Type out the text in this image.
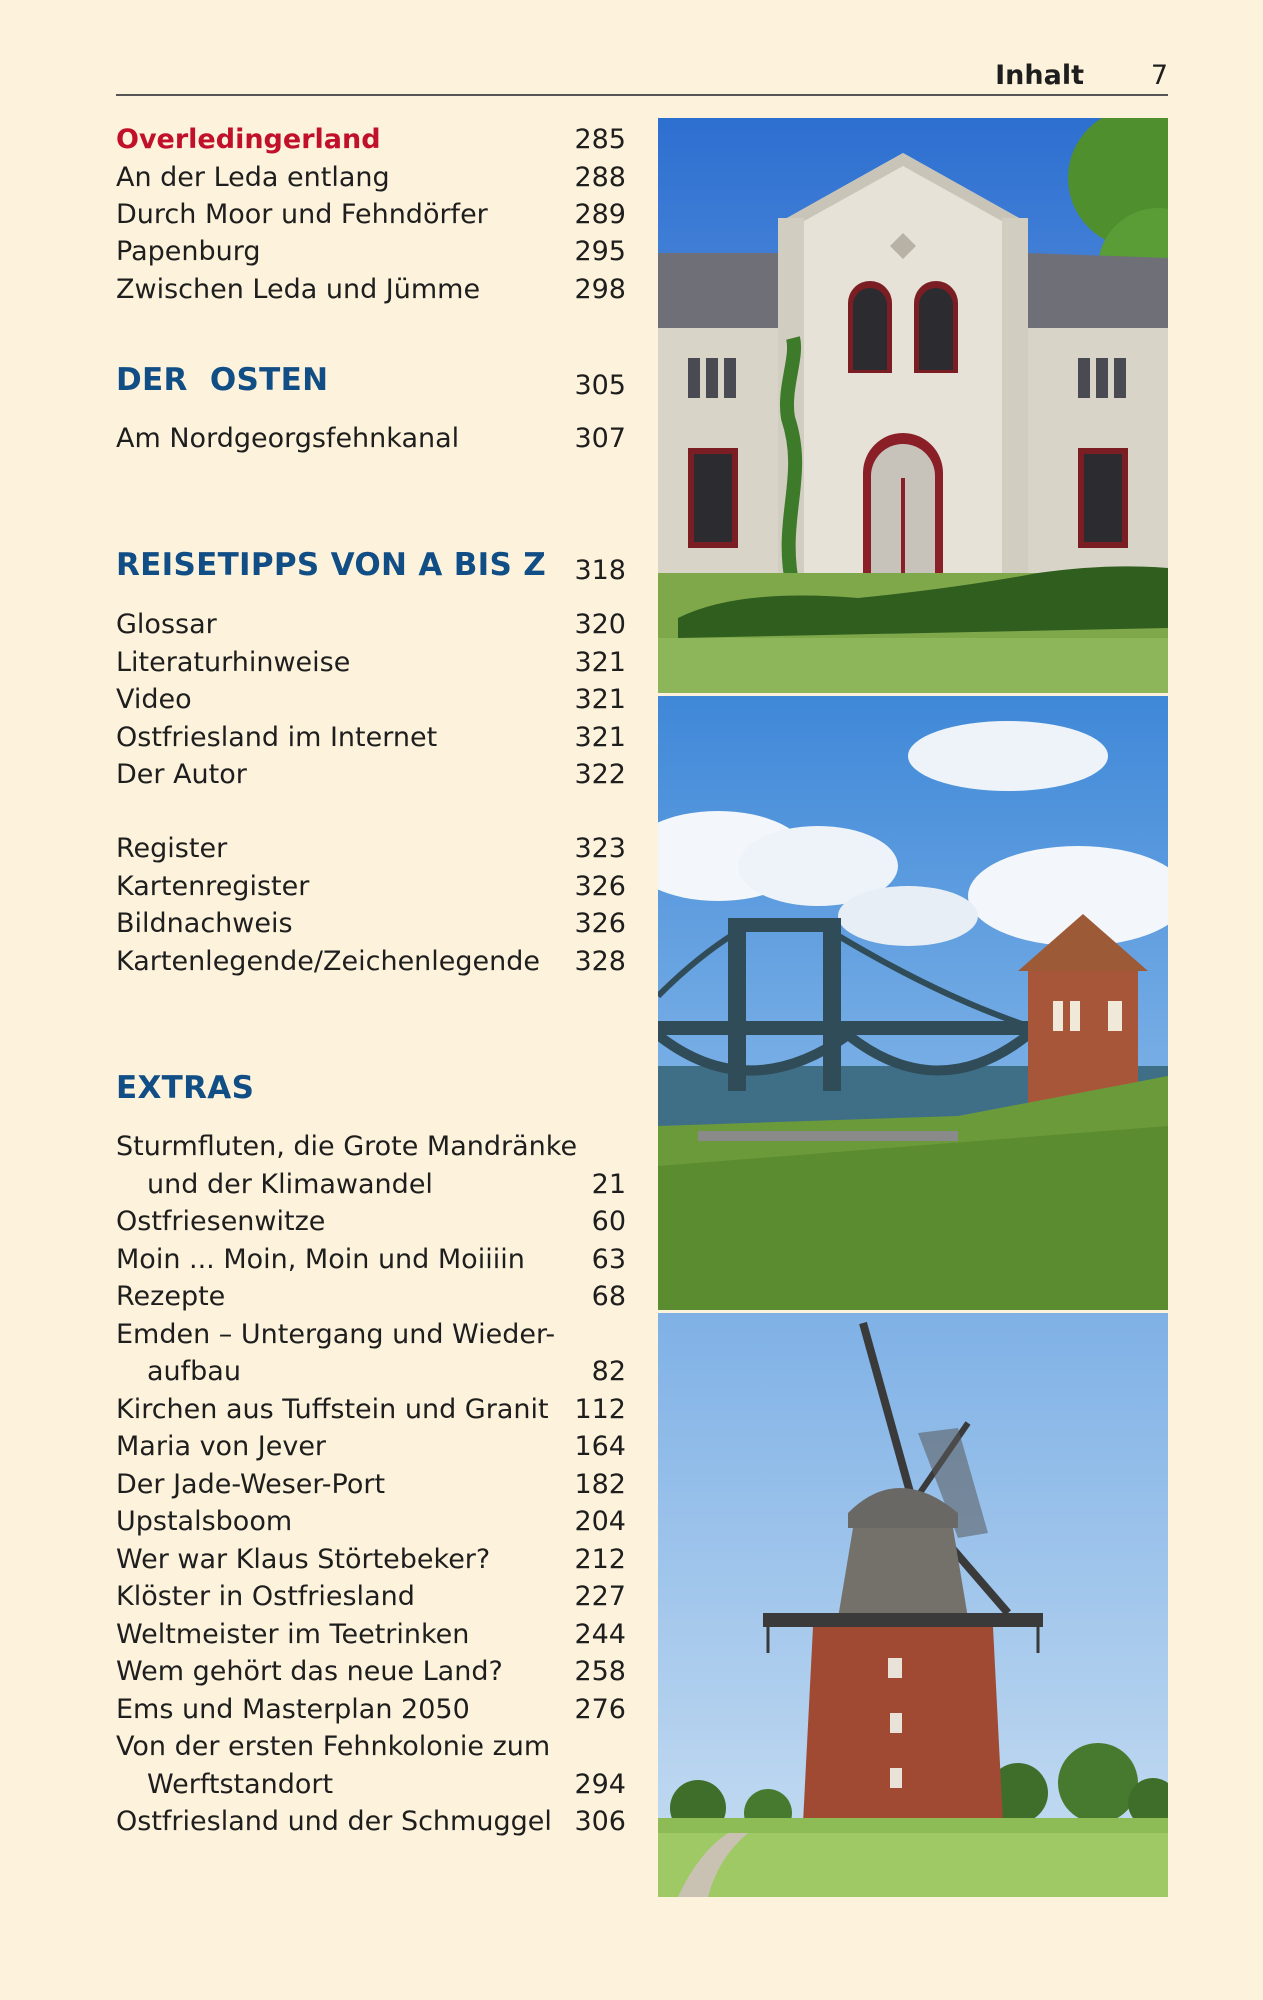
Inhalt 7
Overledingerland	285
An der Leda entlang	288
Durch Moor und Fehndörfer	289
Papenburg	295
Zwischen Leda und Jümme	298
DER  OSTEN	305
Am Nordgeorgsfehnkanal	307
REISETIPPS VON A BIS Z 318
Glossar	320
Literaturhinweise	321
Video	321
Ostfriesland im Internet	321
Der Autor	322
Register	323
Kartenregister	326
Bildnachweis	326
Kartenlegende/Zeichenlegende 328
EXTRAS
Sturmfluten, die Grote Mandränke
und der Klimawandel	21
Ostfriesenwitze	60
Moin ... Moin, Moin und Moiiiin 63
Rezepte	68
Emden – Untergang und Wieder-
aufbau	82
Kirchen aus Tuffstein und Granit 112
Maria von Jever	164
Der Jade-Weser-Port	182
Upstalsboom	204
Wer war Klaus Störtebeker?	212
Klöster in Ostfriesland	227
Weltmeister im Teetrinken	244
Wem gehört das neue Land?	258
Ems und Masterplan 2050	276
Von der ersten Fehnkolonie zum
Werftstandort	294
Ostfriesland und der Schmuggel 306
